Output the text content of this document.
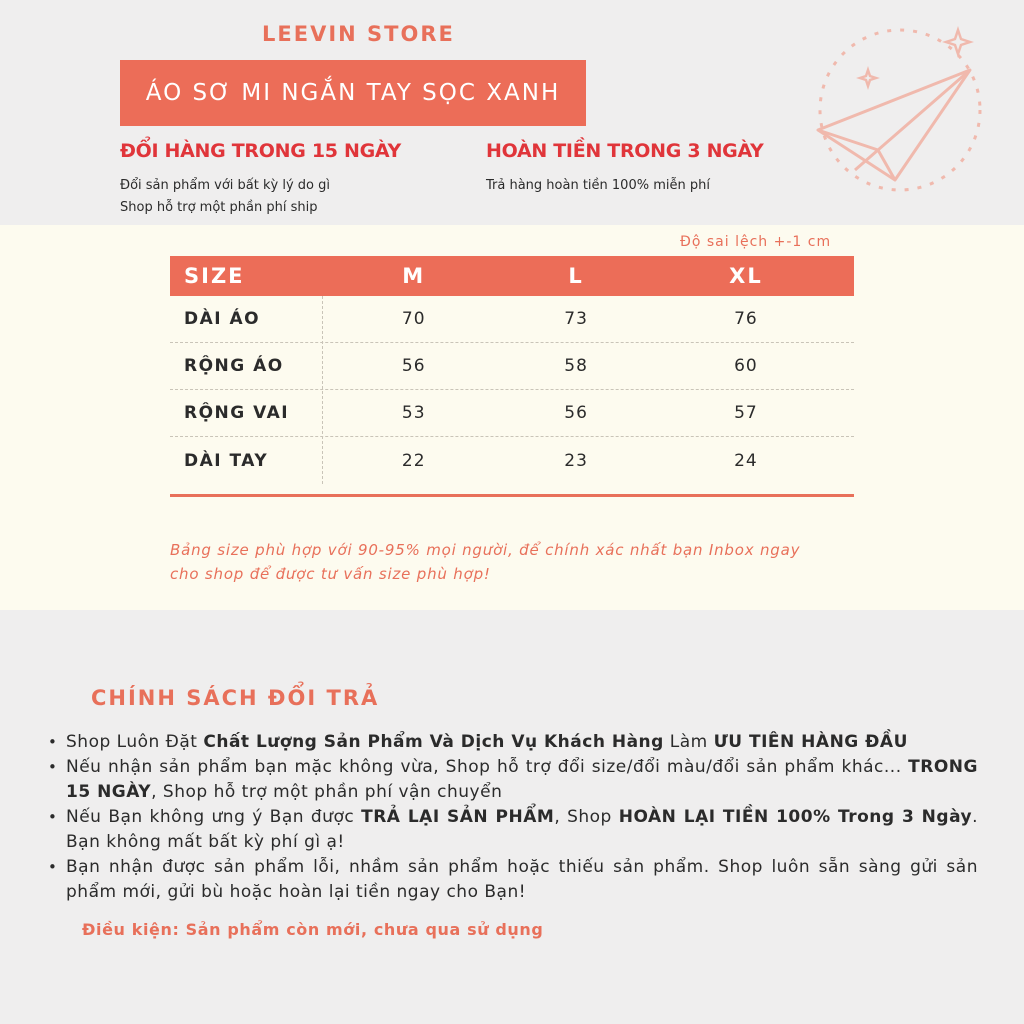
LEEVIN STORE
ÁO SƠ MI NGẮN TAY SỌC XANH
ĐỔI HÀNG TRONG 15 NGÀY
Đổi sản phẩm với bất kỳ lý do gì
Shop hỗ trợ một phần phí ship
HOÀN TIỀN TRONG 3 NGÀY
Trả hàng hoàn tiền 100% miễn phí
Độ sai lệch +-1 cm
SIZE	M	L	XL
DÀI ÁO	70	73	76
RỘNG ÁO	56	58	60
RỘNG VAI	53	56	57
DÀI TAY	22	23	24
Bảng size phù hợp với 90-95% mọi người, để chính xác nhất bạn Inbox ngay
cho shop để được tư vấn size phù hợp!
CHÍNH SÁCH ĐỔI TRẢ
• Shop Luôn Đặt Chất Lượng Sản Phẩm Và Dịch Vụ Khách Hàng Làm ƯU TIÊN HÀNG ĐẦU
• Nếu nhận sản phẩm bạn mặc không vừa, Shop hỗ trợ đổi size/đổi màu/đổi sản phẩm khác... TRONG 15 NGÀY, Shop hỗ trợ một phần phí vận chuyển
• Nếu Bạn không ưng ý Bạn được TRẢ LẠI SẢN PHẨM, Shop HOÀN LẠI TIỀN 100% Trong 3 Ngày. Bạn không mất bất kỳ phí gì ạ!
• Bạn nhận được sản phẩm lỗi, nhầm sản phẩm hoặc thiếu sản phẩm. Shop luôn sẵn sàng gửi sản phẩm mới, gửi bù hoặc hoàn lại tiền ngay cho Bạn!
Điều kiện: Sản phẩm còn mới, chưa qua sử dụng
